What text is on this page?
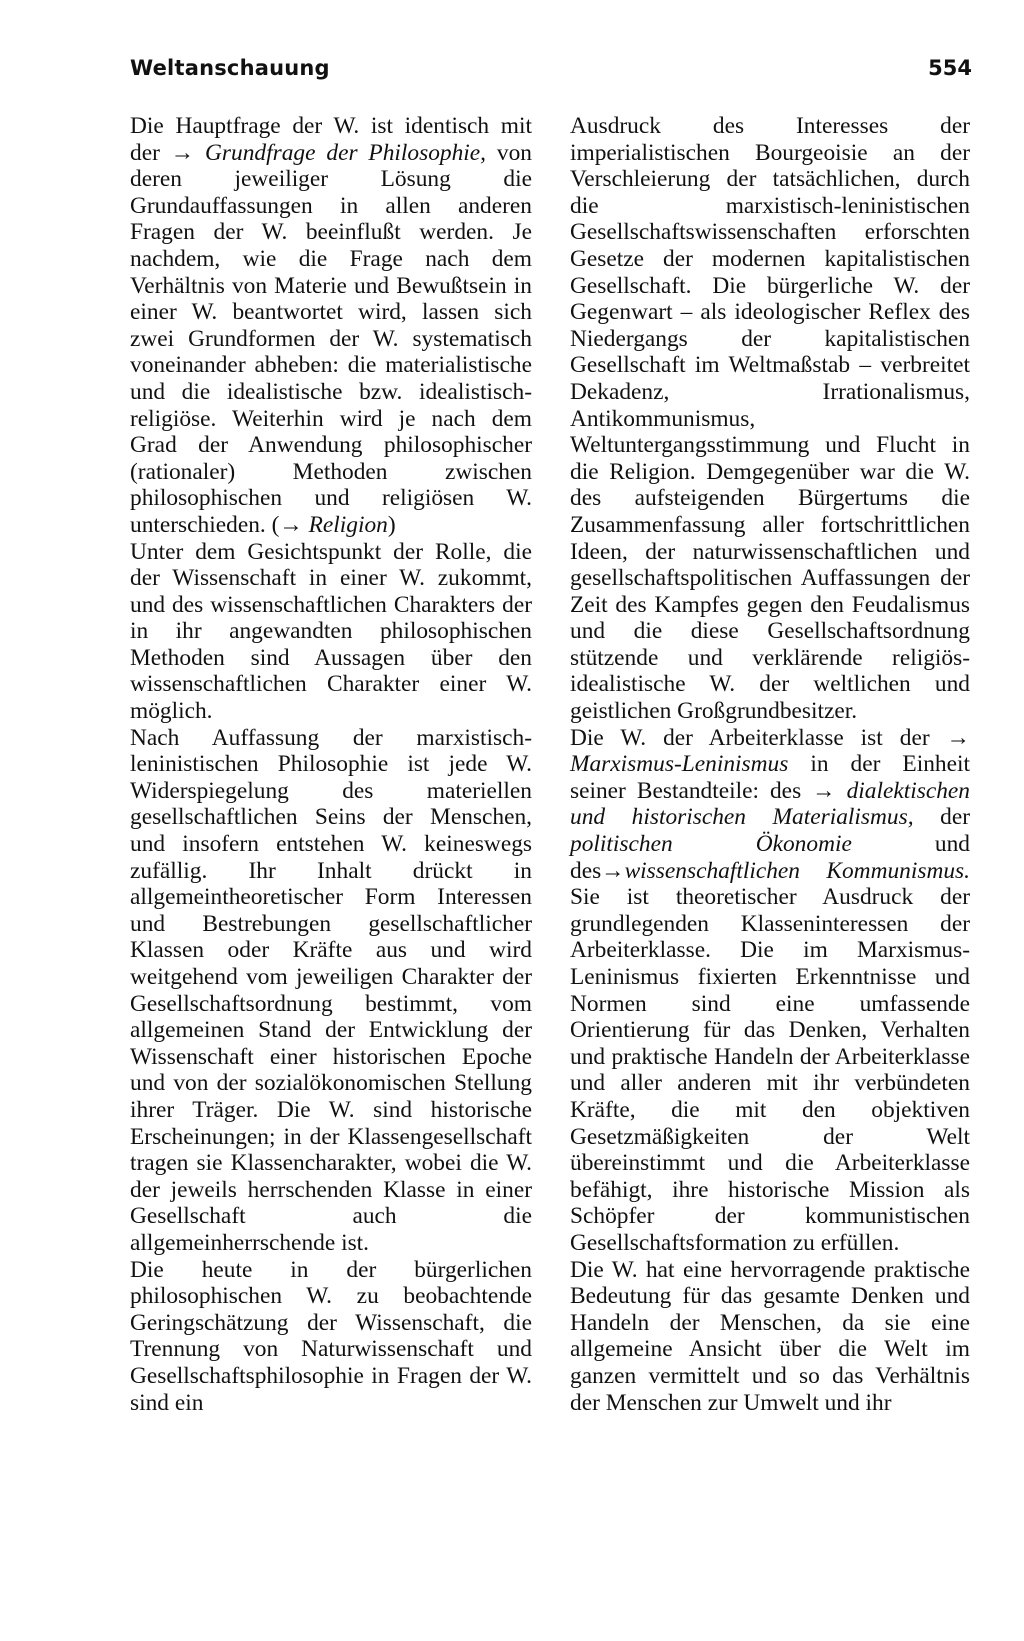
Weltanschauung	554

Die Hauptfrage der W. ist identisch mit der → Grundfrage der Philosophie, von deren jeweiliger Lösung die Grundauffassungen in allen anderen Fragen der W. beeinflußt werden. Je nachdem, wie die Frage nach dem Verhältnis von Materie und Bewußtsein in einer W. beantwortet wird, lassen sich zwei Grundformen der W. systematisch voneinander abheben: die materialistische und die idealistische bzw. idealistisch-religiöse. Weiterhin wird je nach dem Grad der Anwendung philosophischer (rationaler) Methoden zwischen philosophischen und religiösen W. unterschieden. (→ Religion)

Unter dem Gesichtspunkt der Rolle, die der Wissenschaft in einer W. zukommt, und des wissenschaftlichen Charakters der in ihr angewandten philosophischen Methoden sind Aussagen über den wissenschaftlichen Charakter einer W. möglich.

Nach Auffassung der marxistisch-leninistischen Philosophie ist jede W. Widerspiegelung des materiellen gesellschaftlichen Seins der Menschen, und insofern entstehen W. keineswegs zufällig. Ihr Inhalt drückt in allgemeintheoretischer Form Interessen und Bestrebungen gesellschaftlicher Klassen oder Kräfte aus und wird weitgehend vom jeweiligen Charakter der Gesellschaftsordnung bestimmt, vom allgemeinen Stand der Entwicklung der Wissenschaft einer historischen Epoche und von der sozialökonomischen Stellung ihrer Träger. Die W. sind historische Erscheinungen; in der Klassengesellschaft tragen sie Klassencharakter, wobei die W. der jeweils herrschenden Klasse in einer Gesellschaft auch die allgemeinherrschende ist.

Die heute in der bürgerlichen philosophischen W. zu beobachtende Geringschätzung der Wissenschaft, die Trennung von Naturwissenschaft und Gesellschaftsphilosophie in Fragen der W. sind ein

Ausdruck des Interesses der imperialistischen Bourgeoisie an der Verschleierung der tatsächlichen, durch die marxistisch-leninistischen Gesellschaftswissenschaften erforschten Gesetze der modernen kapitalistischen Gesellschaft. Die bürgerliche W. der Gegenwart – als ideologischer Reflex des Niedergangs der kapitalistischen Gesellschaft im Weltmaßstab – verbreitet Dekadenz, Irrationalismus, Antikommunismus, Weltuntergangsstimmung und Flucht in die Religion. Demgegenüber war die W. des aufsteigenden Bürgertums die Zusammenfassung aller fortschrittlichen Ideen, der naturwissenschaftlichen und gesellschaftspolitischen Auffassungen der Zeit des Kampfes gegen den Feudalismus und die diese Gesellschaftsordnung stützende und verklärende religiös-idealistische W. der weltlichen und geistlichen Großgrundbesitzer.

Die W. der Arbeiterklasse ist der → Marxismus-Leninismus in der Einheit seiner Bestandteile: des → dialektischen und historischen Materialismus, der politischen Ökonomie und des→wissenschaftlichen Kommunismus. Sie ist theoretischer Ausdruck der grundlegenden Klasseninteressen der Arbeiterklasse. Die im Marxismus-Leninismus fixierten Erkenntnisse und Normen sind eine umfassende Orientierung für das Denken, Verhalten und praktische Handeln der Arbeiterklasse und aller anderen mit ihr verbündeten Kräfte, die mit den objektiven Gesetzmäßigkeiten der Welt übereinstimmt und die Arbeiterklasse befähigt, ihre historische Mission als Schöpfer der kommunistischen Gesellschaftsformation zu erfüllen.

Die W. hat eine hervorragende praktische Bedeutung für das gesamte Denken und Handeln der Menschen, da sie eine allgemeine Ansicht über die Welt im ganzen vermittelt und so das Verhältnis der Menschen zur Umwelt und ihr
